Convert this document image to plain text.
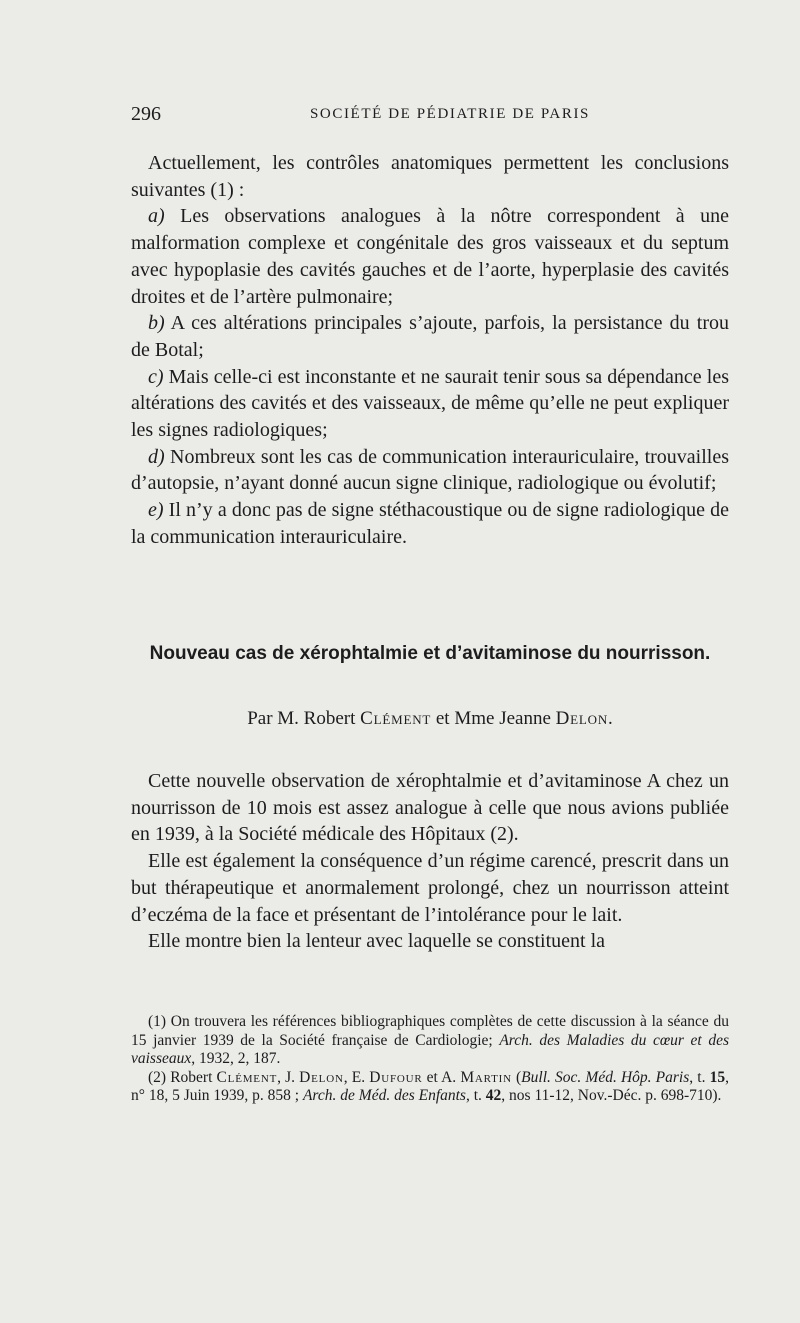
296	SOCIÉTÉ DE PÉDIATRIE DE PARIS

Actuellement, les contrôles anatomiques permettent les conclusions suivantes (1) :

a) Les observations analogues à la nôtre correspondent à une malformation complexe et congénitale des gros vaisseaux et du septum avec hypoplasie des cavités gauches et de l’aorte, hyperplasie des cavités droites et de l’artère pulmonaire;

b) A ces altérations principales s’ajoute, parfois, la persistance du trou de Botal;

c) Mais celle-ci est inconstante et ne saurait tenir sous sa dépendance les altérations des cavités et des vaisseaux, de même qu’elle ne peut expliquer les signes radiologiques;

d) Nombreux sont les cas de communication interauriculaire, trouvailles d’autopsie, n’ayant donné aucun signe clinique, radiologique ou évolutif;

e) Il n’y a donc pas de signe stéthacoustique ou de signe radiologique de la communication interauriculaire.

Nouveau cas de xérophtalmie et d’avitaminose du nourrisson.
Par M. Robert Clément et Mme Jeanne Delon.

Cette nouvelle observation de xérophtalmie et d’avitaminose A chez un nourrisson de 10 mois est assez analogue à celle que nous avions publiée en 1939, à la Société médicale des Hôpitaux (2).

Elle est également la conséquence d’un régime carencé, prescrit dans un but thérapeutique et anormalement prolongé, chez un nourrisson atteint d’eczéma de la face et présentant de l’intolérance pour le lait.

Elle montre bien la lenteur avec laquelle se constituent la

(1) On trouvera les références bibliographiques complètes de cette discussion à la séance du 15 janvier 1939 de la Société française de Cardiologie; Arch. des Maladies du cœur et des vaisseaux, 1932, 2, 187.

(2) Robert Clément, J. Delon, E. Dufour et A. Martin (Bull. Soc. Méd. Hôp. Paris, t. 15, n° 18, 5 Juin 1939, p. 858 ; Arch. de Méd. des Enfants, t. 42, nos 11-12, Nov.-Déc. p. 698-710).
